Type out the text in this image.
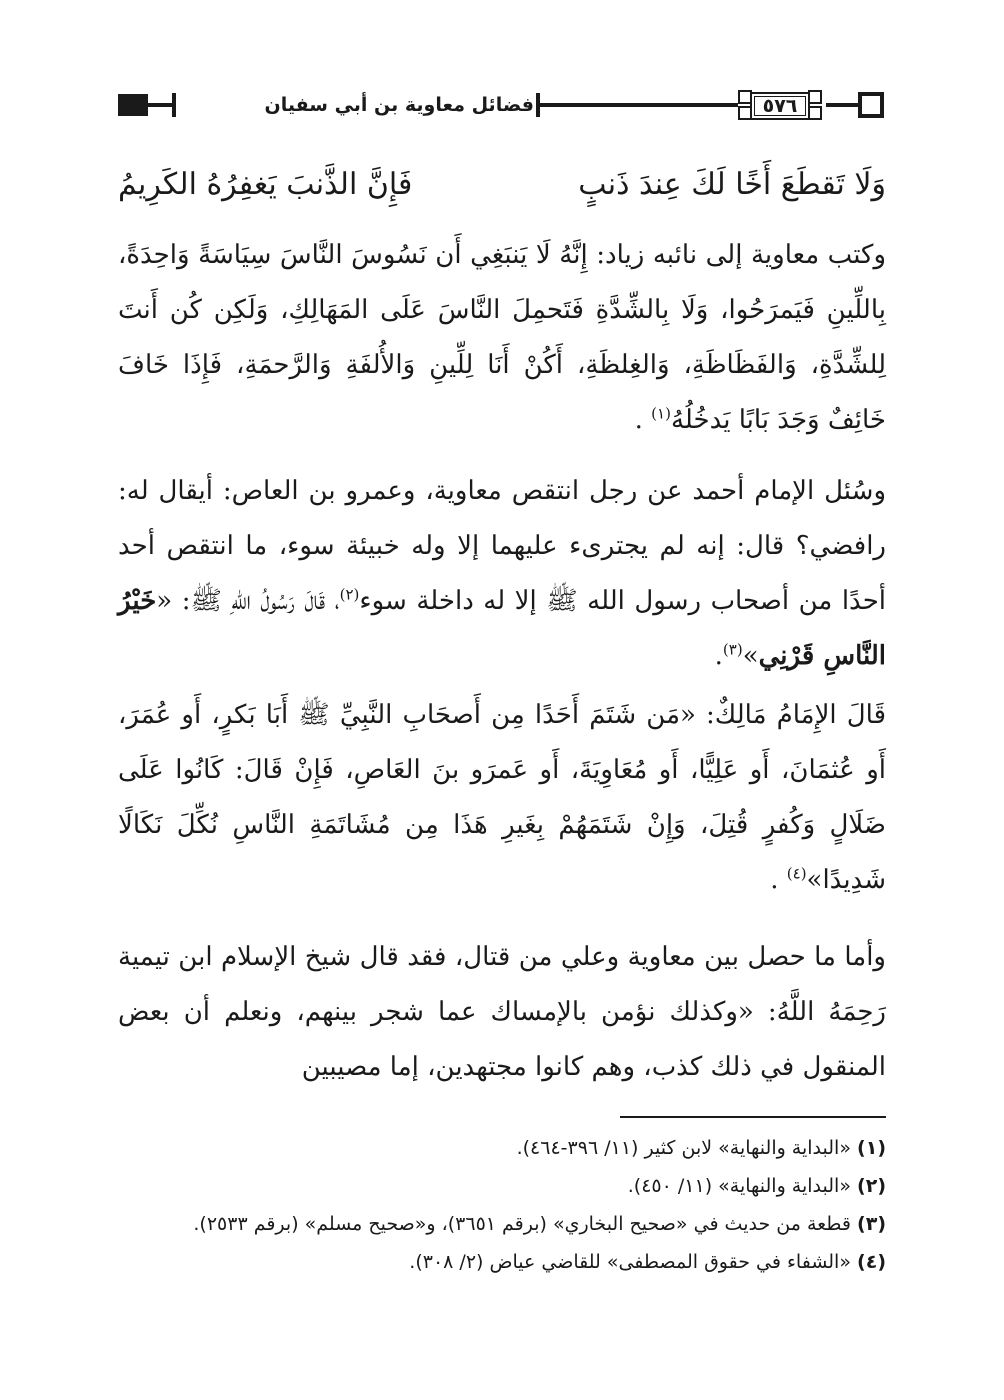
فضائل معاوية بن أبي سفيان	٥٧٦
وَلَا تَقطَعَ أَخًا لَكَ عِندَ ذَنبٍ
فَإِنَّ الذَّنبَ يَغفِرُهُ الكَرِيمُ
وكتب معاوية إلى نائبه زياد: إِنَّهُ لَا يَنبَغِي أَن نَسُوسَ النَّاسَ سِيَاسَةً وَاحِدَةً، بِاللِّينِ فَيَمرَحُوا، وَلَا بِالشِّدَّةِ فَتَحمِلَ النَّاسَ عَلَى المَهَالِكِ، وَلَكِن كُن أَنتَ لِلشِّدَّةِ، وَالفَظَاظَةِ، وَالغِلظَةِ، أَكُنْ أَنَا لِلِّينِ وَالأُلفَةِ وَالرَّحمَةِ، فَإِذَا خَافَ خَائِفٌ وَجَدَ بَابًا يَدخُلُهُ$^{(١)}$ .
وسُئل الإمام أحمد عن رجل انتقص معاوية، وعمرو بن العاص: أيقال له: رافضي؟ قال: إنه لم يجترىء عليهما إلا وله خبيئة سوء، ما انتقص أحد أحدًا من أصحاب رسول الله ﷺ إلا له داخلة سوء$^{(٢)}$، قَالَ رَسُولُ اللهِ ﷺ: «خَيْرُ النَّاسِ قَرْنِي»$^{(٣)}$.
قَالَ الإِمَامُ مَالِكٌ: «مَن شَتَمَ أَحَدًا مِن أَصحَابِ النَّبِيِّ ﷺ أَبَا بَكرٍ، أَو عُمَرَ، أَو عُثمَانَ، أَو عَلِيًّا، أَو مُعَاوِيَةَ، أَو عَمرَو بنَ العَاصِ، فَإِنْ قَالَ: كَانُوا عَلَى ضَلَالٍ وَكُفرٍ قُتِلَ، وَإِنْ شَتَمَهُمْ بِغَيرِ هَذَا مِن مُشَاتَمَةِ النَّاسِ نُكِّلَ نَكَالًا شَدِيدًا»$^{(٤)}$ .
وأما ما حصل بين معاوية وعلي من قتال، فقد قال شيخ الإسلام ابن تيمية رَحِمَهُ اللَّهُ: «وكذلك نؤمن بالإمساك عما شجر بينهم، ونعلم أن بعض المنقول في ذلك كذب، وهم كانوا مجتهدين، إما مصيبين

(١) «البداية والنهاية» لابن كثير (١١/ ٣٩٦-٤٦٤).

(٢) «البداية والنهاية» (١١/ ٤٥٠).

(٣) قطعة من حديث في «صحيح البخاري» (برقم ٣٦٥١)، و«صحيح مسلم» (برقم ٢٥٣٣).

(٤) «الشفاء في حقوق المصطفى» للقاضي عياض (٢/ ٣٠٨).
